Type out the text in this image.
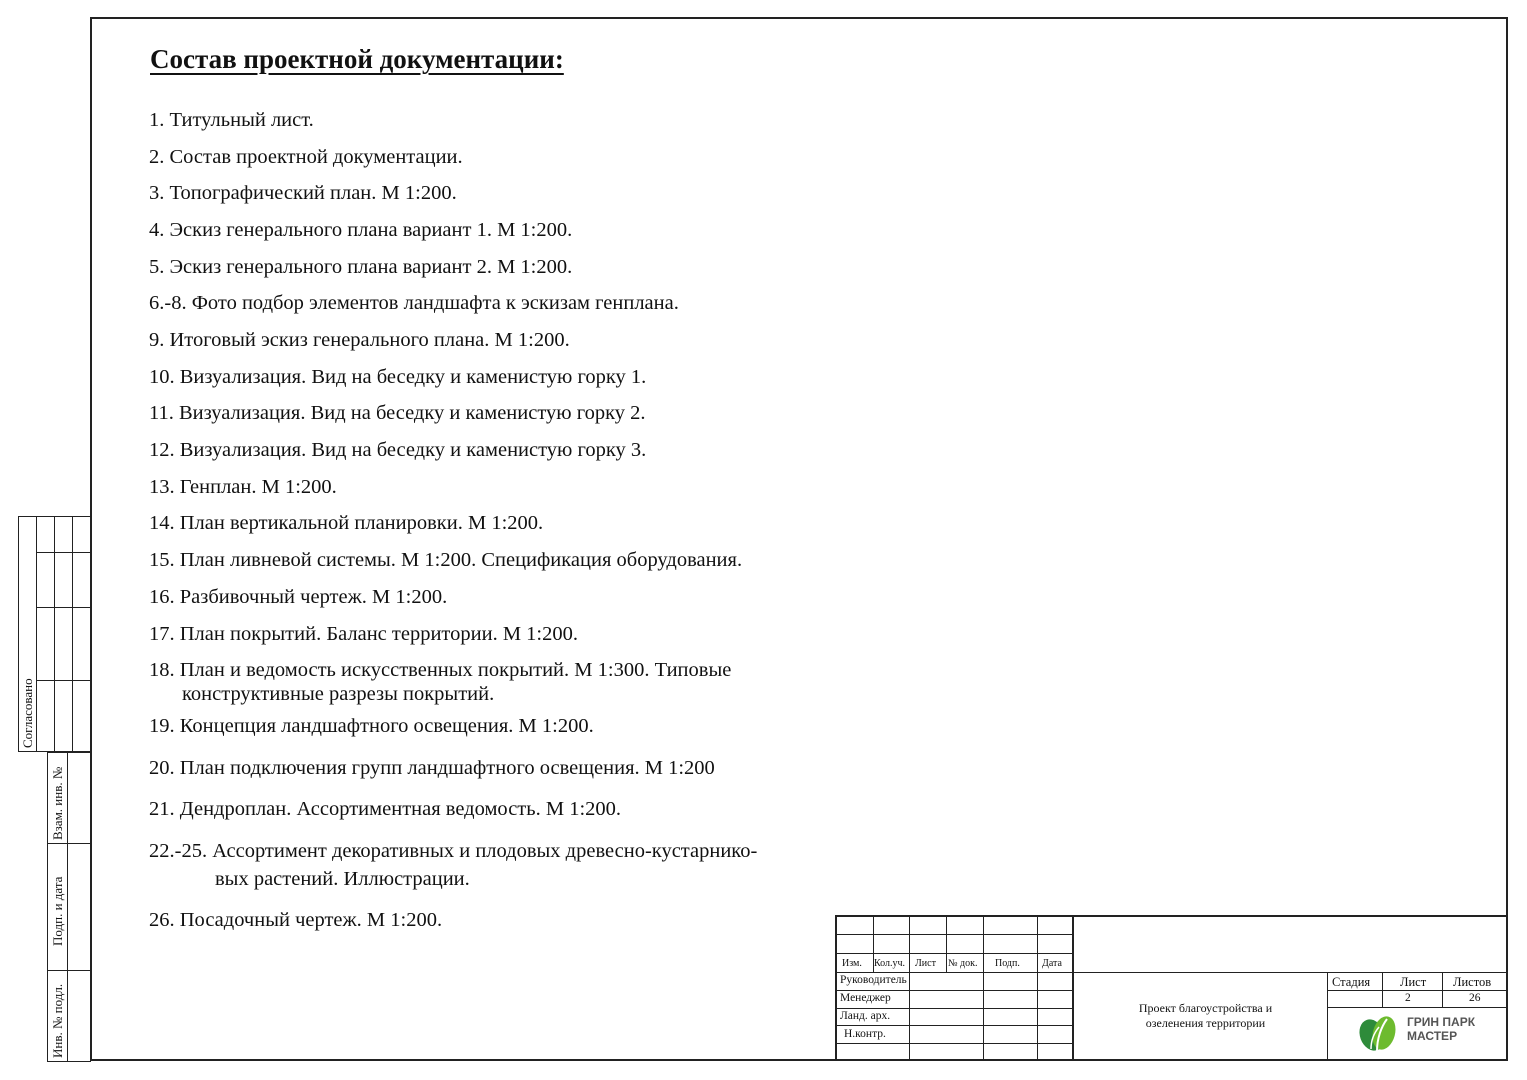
Состав проектной документации:
1. Титульный лист.
2. Состав проектной документации.
3. Топографический план. М 1:200.
4. Эскиз генерального плана вариант 1. М 1:200.
5. Эскиз генерального плана вариант 2. М 1:200.
6.-8. Фото подбор элементов ландшафта к эскизам генплана.
9. Итоговый эскиз генерального плана. М 1:200.
10. Визуализация. Вид на беседку и каменистую горку 1.
11. Визуализация. Вид на беседку и каменистую горку 2.
12. Визуализация. Вид на беседку и каменистую горку 3.
13. Генплан. М 1:200.
14. План вертикальной планировки. М 1:200.
15. План ливневой системы. М 1:200. Спецификация оборудования.
16. Разбивочный чертеж. М 1:200.
17. План покрытий. Баланс территории. М 1:200.
18. План и ведомость искусственных покрытий. М 1:300. Типовые
конструктивные разрезы покрытий.
19. Концепция ландшафтного освещения. М 1:200.
20. План подключения групп ландшафтного освещения. М 1:200
21. Дендроплан. Ассортиментная ведомость. М 1:200.
22.-25. Ассортимент декоративных и плодовых древесно-кустарнико-
вых растений. Иллюстрации.
26. Посадочный чертеж. М 1:200.
Согласовано
Взам. инв. №
Подп. и дата
Инв. № подл.
Изм. Кол.уч. Лист № док. Подп. Дата
Руководитель
Менеджер
Ланд. арх.
Н.контр.
Проект благоустройства и озеленения территории
Стадия Лист Листов
2	26
ГРИН ПАРК
МАСТЕР
